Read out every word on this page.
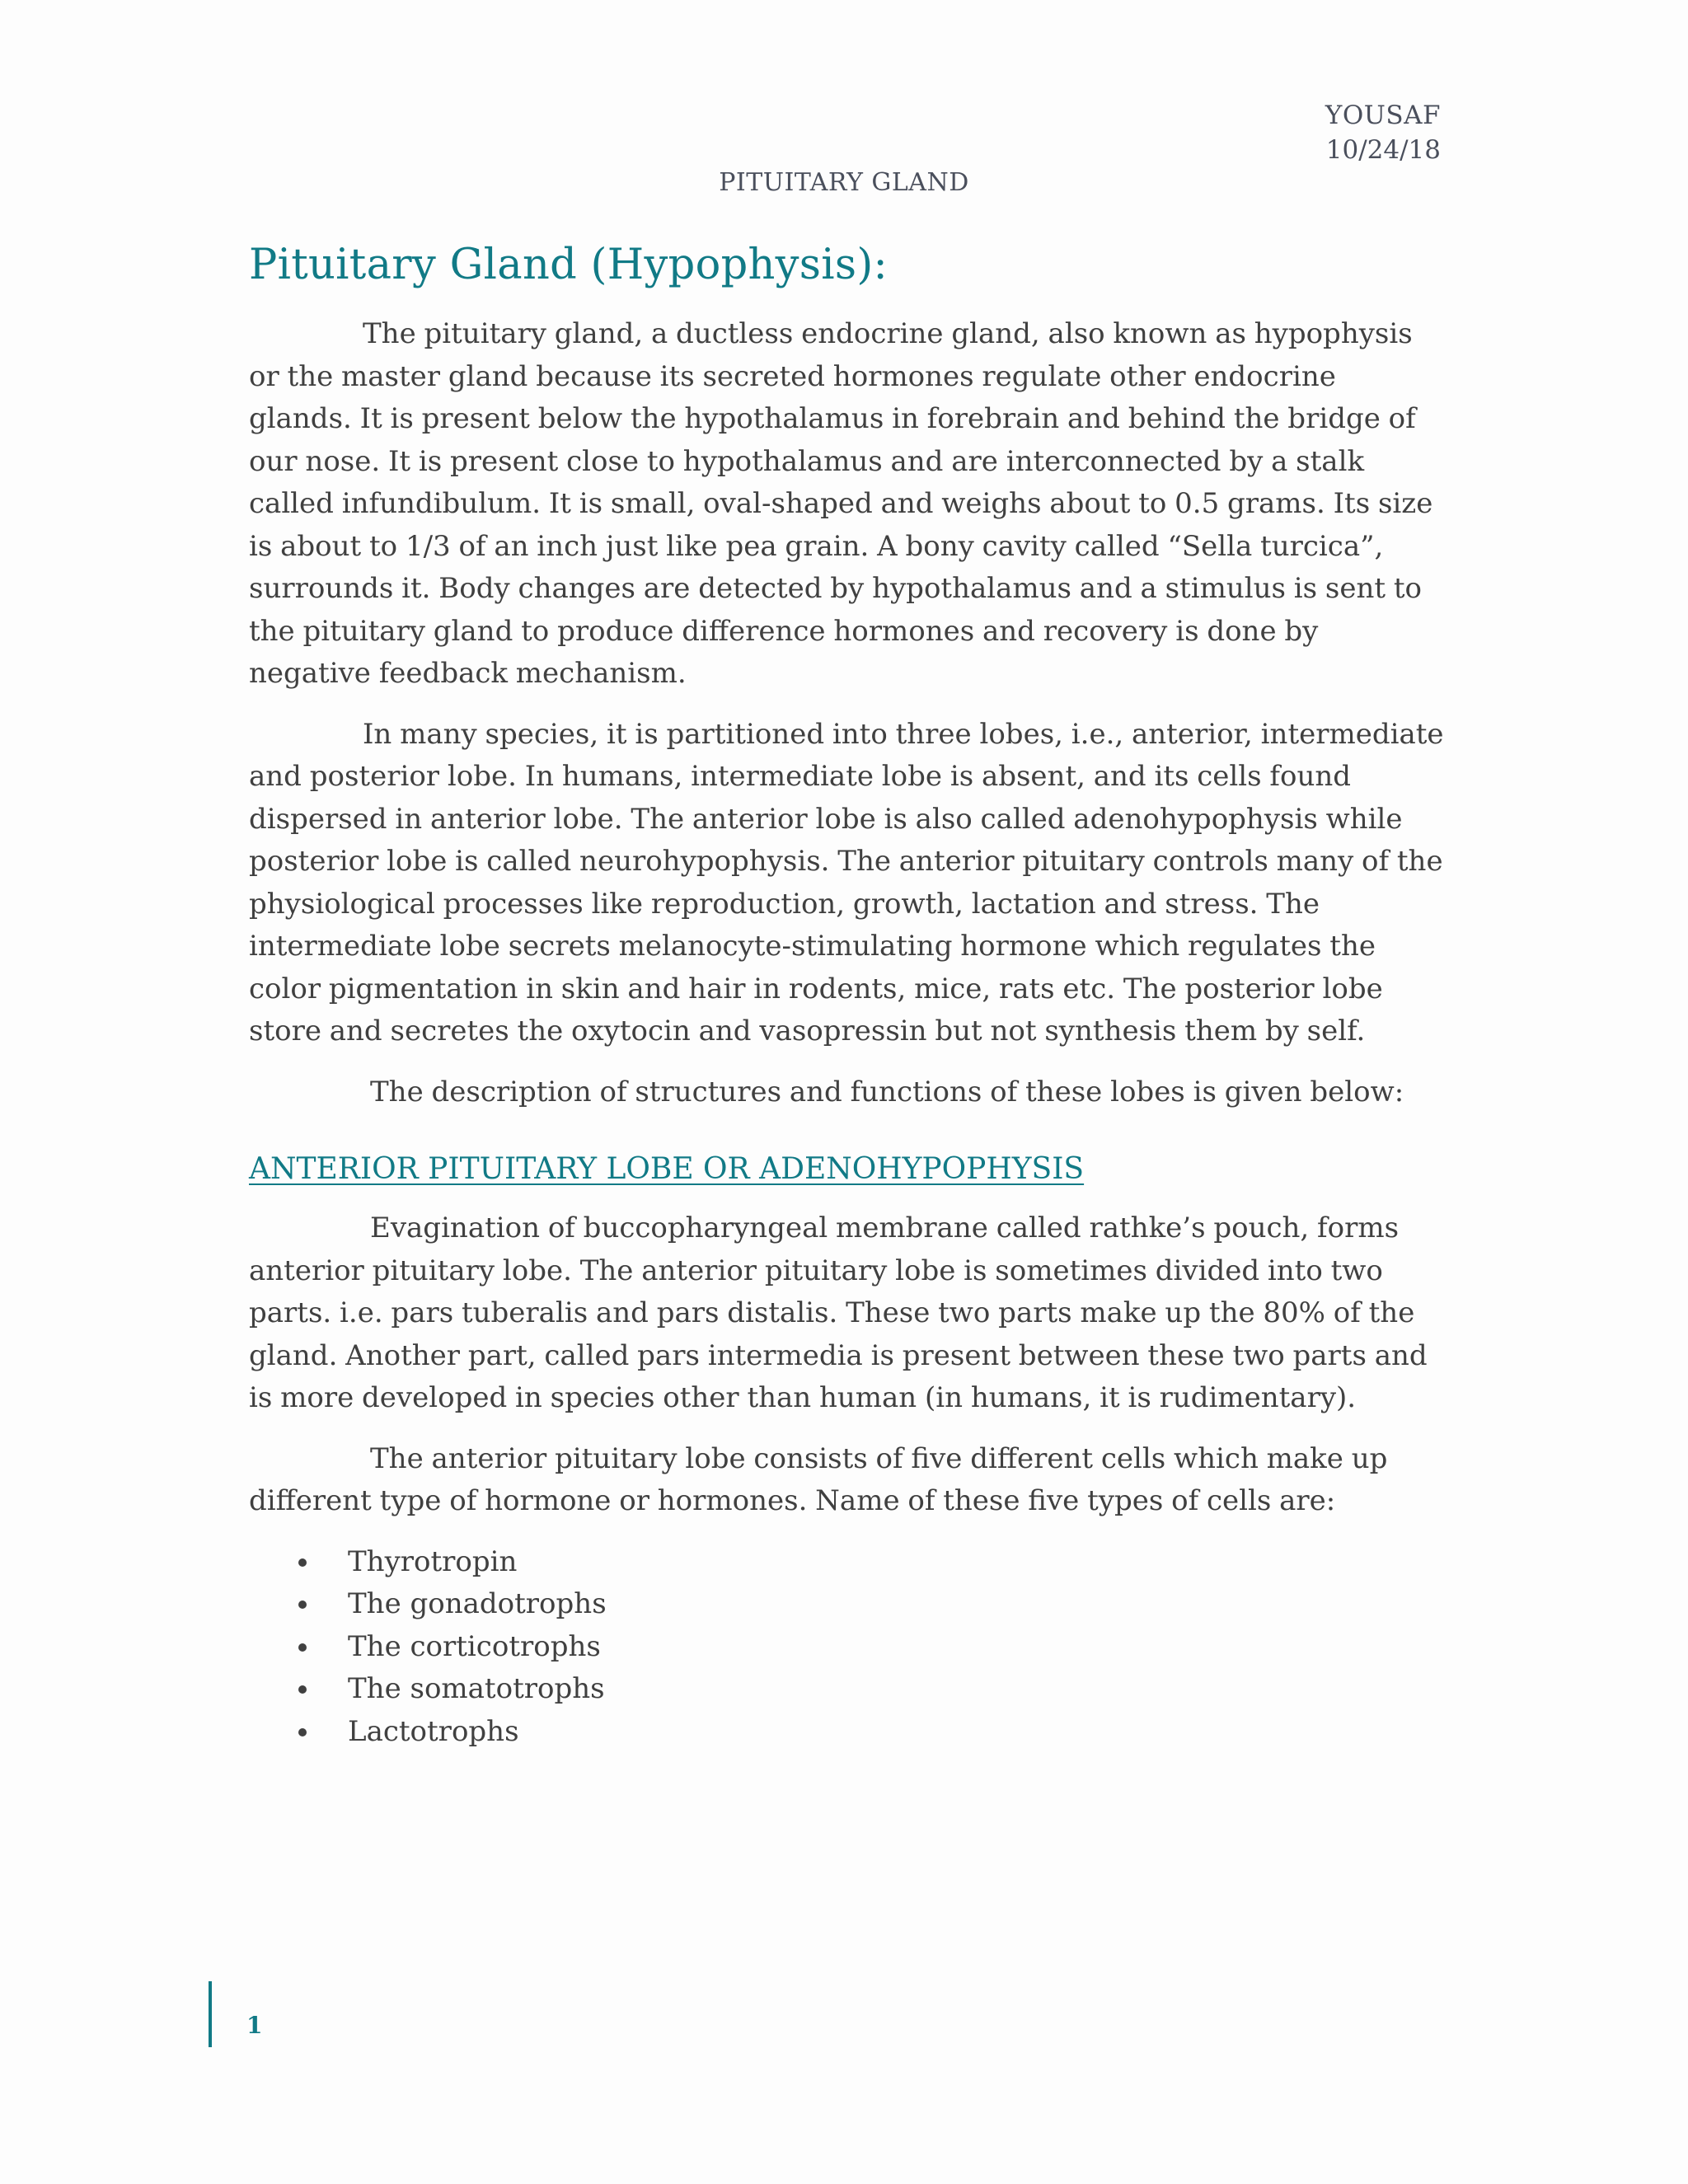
YOUSAF
10/24/18
PITUITARY GLAND
Pituitary Gland (Hypophysis):

The pituitary gland, a ductless endocrine gland, also known as hypophysis or the master gland because its secreted hormones regulate other endocrine glands. It is present below the hypothalamus in forebrain and behind the bridge of our nose. It is present close to hypothalamus and are interconnected by a stalk called infundibulum. It is small, oval-shaped and weighs about to 0.5 grams. Its size is about to 1/3 of an inch just like pea grain. A bony cavity called “Sella turcica”, surrounds it. Body changes are detected by hypothalamus and a stimulus is sent to the pituitary gland to produce difference hormones and recovery is done by negative feedback mechanism.

In many species, it is partitioned into three lobes, i.e., anterior, intermediate and posterior lobe. In humans, intermediate lobe is absent, and its cells found dispersed in anterior lobe. The anterior lobe is also called adenohypophysis while posterior lobe is called neurohypophysis. The anterior pituitary controls many of the physiological processes like reproduction, growth, lactation and stress. The intermediate lobe secrets melanocyte-stimulating hormone which regulates the color pigmentation in skin and hair in rodents, mice, rats etc. The posterior lobe store and secretes the oxytocin and vasopressin but not synthesis them by self.

The description of structures and functions of these lobes is given below:

ANTERIOR PITUITARY LOBE OR ADENOHYPOPHYSIS

Evagination of buccopharyngeal membrane called rathke’s pouch, forms anterior pituitary lobe. The anterior pituitary lobe is sometimes divided into two parts. i.e. pars tuberalis and pars distalis. These two parts make up the 80% of the gland. Another part, called pars intermedia is present between these two parts and is more developed in species other than human (in humans, it is rudimentary).

The anterior pituitary lobe consists of five different cells which make up different type of hormone or hormones. Name of these five types of cells are:

Thyrotropin
The gonadotrophs
The corticotrophs
The somatotrophs
Lactotrophs
1
